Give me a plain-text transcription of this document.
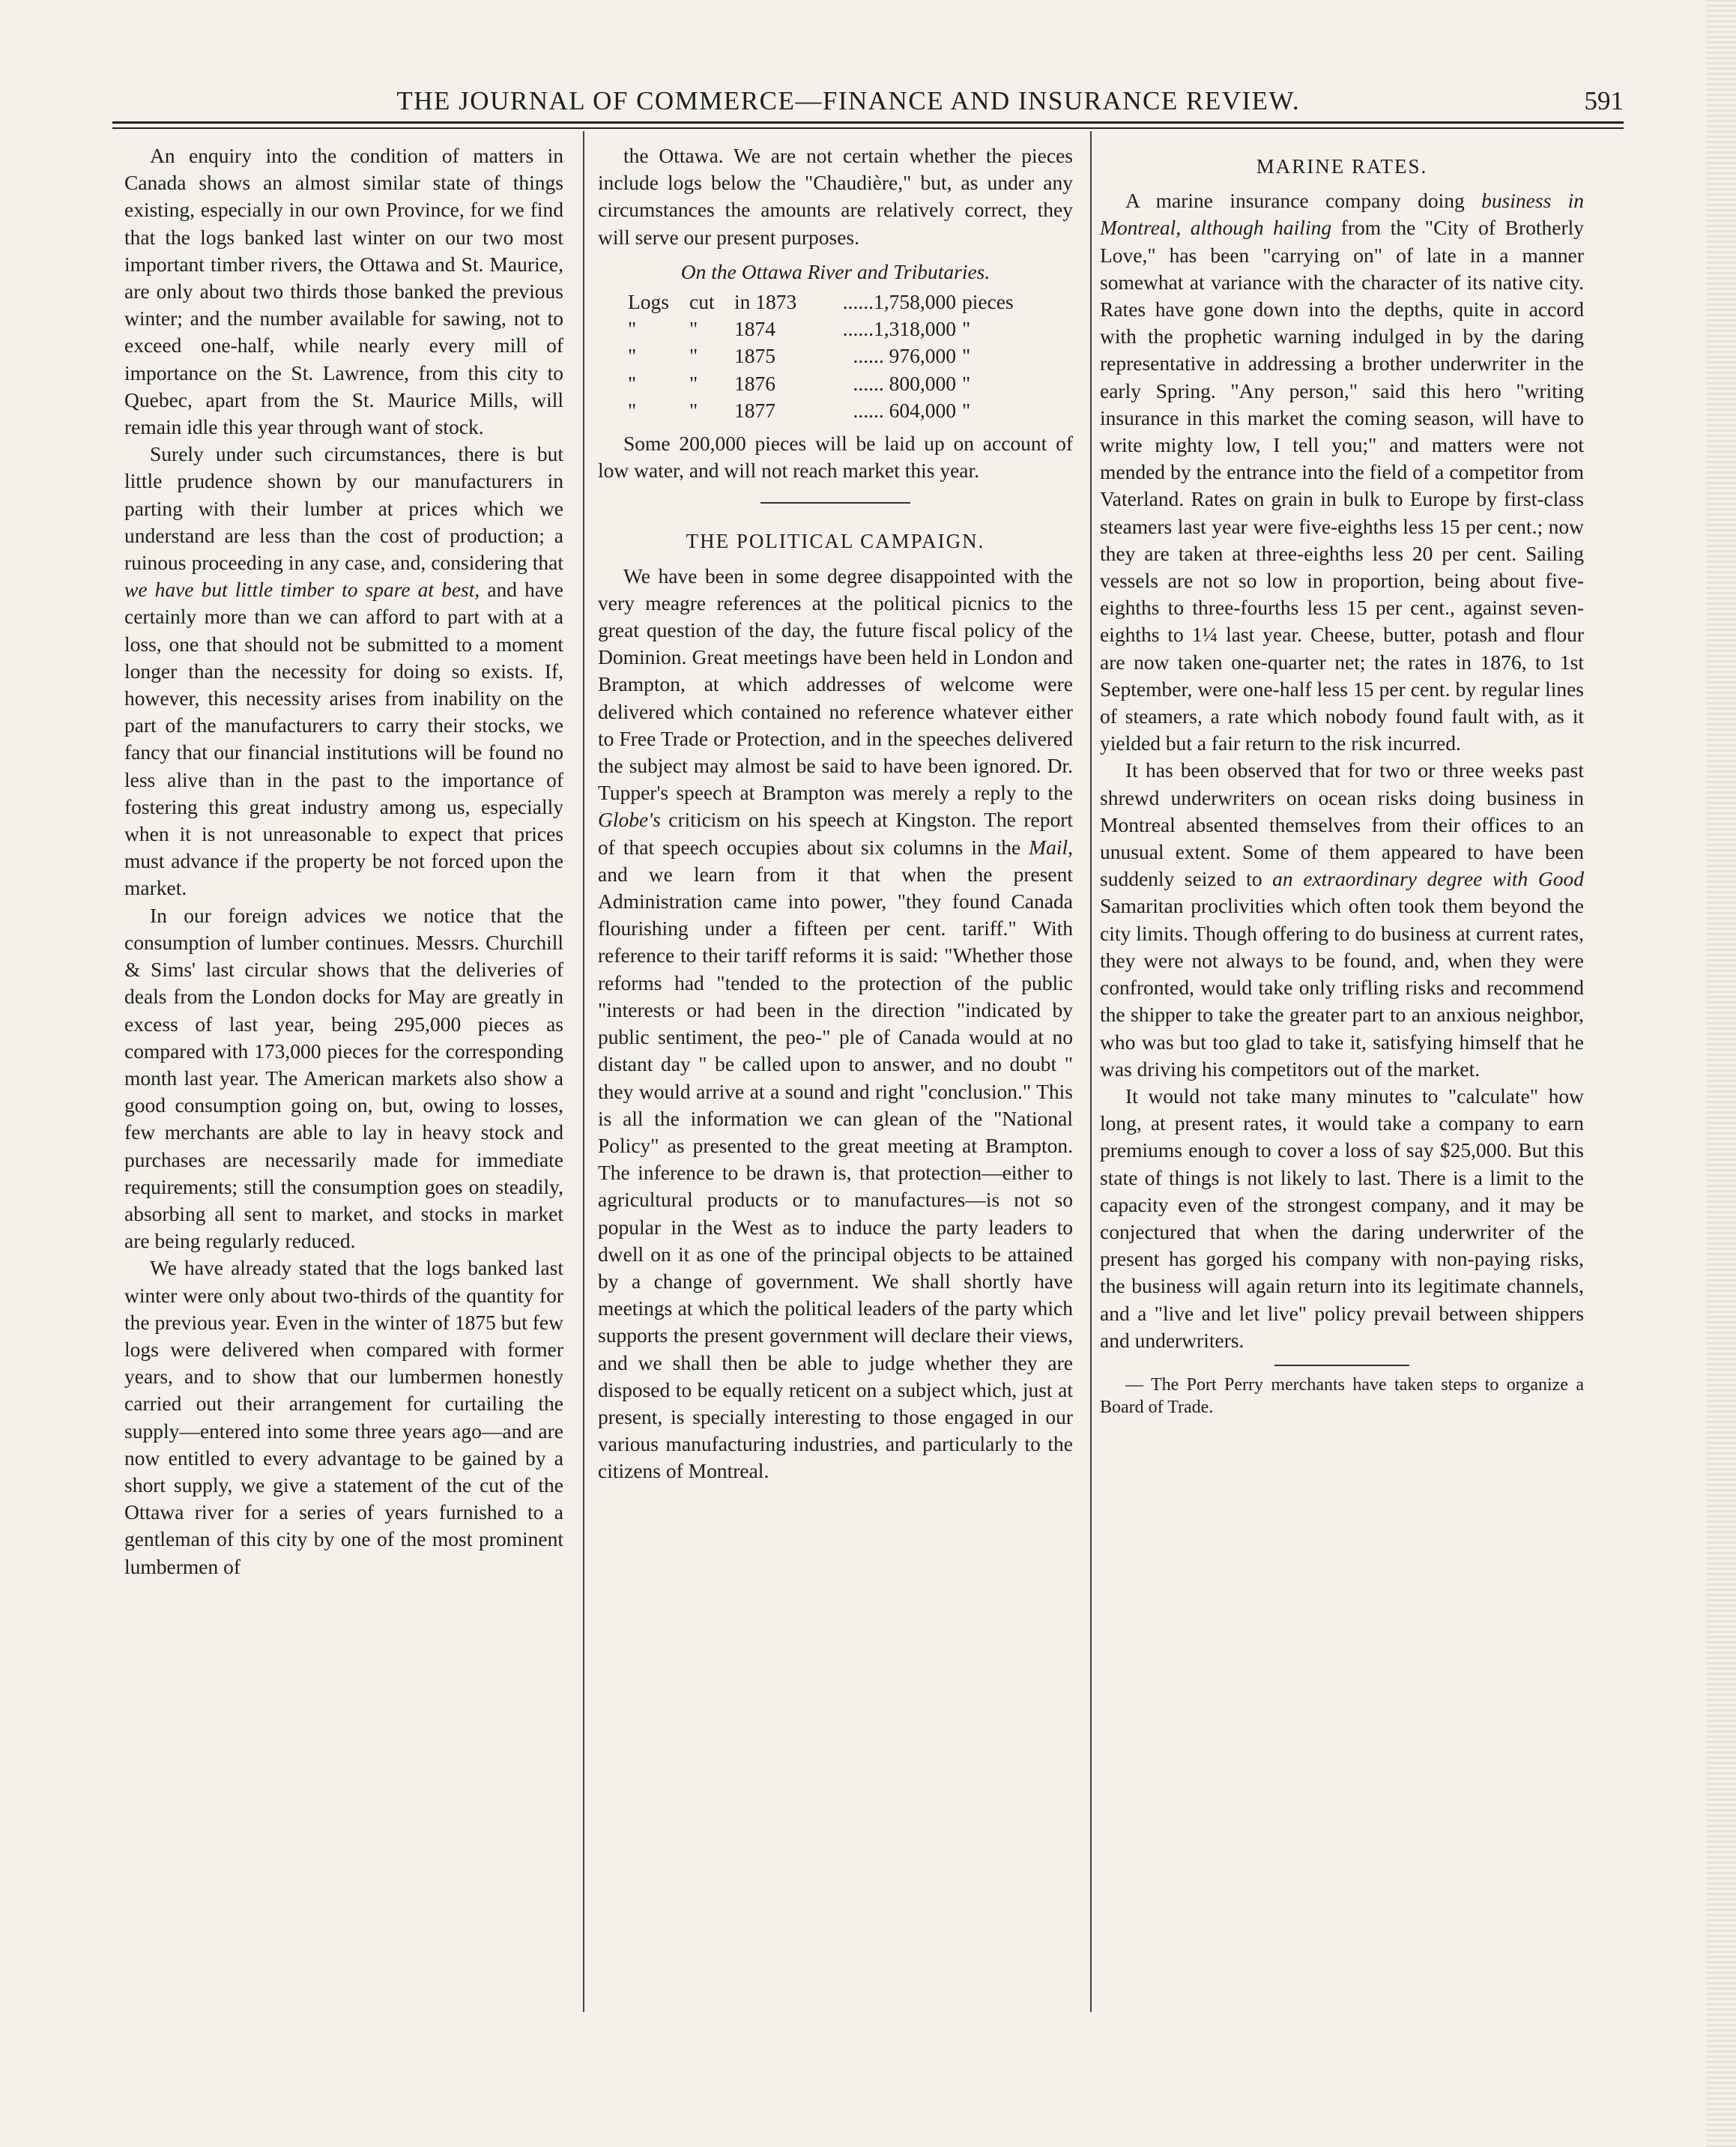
THE JOURNAL OF COMMERCE—FINANCE AND INSURANCE REVIEW.	591

An enquiry into the condition of matters in Canada shows an almost similar state of things existing, especially in our own Province, for we find that the logs banked last winter on our two most important timber rivers, the Ottawa and St. Maurice, are only about two thirds those banked the previous winter; and the number available for sawing, not to exceed one-half, while nearly every mill of importance on the St. Lawrence, from this city to Quebec, apart from the St. Maurice Mills, will remain idle this year through want of stock.

Surely under such circumstances, there is but little prudence shown by our manufacturers in parting with their lumber at prices which we understand are less than the cost of production; a ruinous proceeding in any case, and, considering that we have but little timber to spare at best, and have certainly more than we can afford to part with at a loss, one that should not be submitted to a moment longer than the necessity for doing so exists. If, however, this necessity arises from inability on the part of the manufacturers to carry their stocks, we fancy that our financial institutions will be found no less alive than in the past to the importance of fostering this great industry among us, especially when it is not unreasonable to expect that prices must advance if the property be not forced upon the market.

In our foreign advices we notice that the consumption of lumber continues. Messrs. Churchill & Sims' last circular shows that the deliveries of deals from the London docks for May are greatly in excess of last year, being 295,000 pieces as compared with 173,000 pieces for the corresponding month last year. The American markets also show a good consumption going on, but, owing to losses, few merchants are able to lay in heavy stock and purchases are necessarily made for immediate requirements; still the consumption goes on steadily, absorbing all sent to market, and stocks in market are being regularly reduced.

We have already stated that the logs banked last winter were only about two-thirds of the quantity for the previous year. Even in the winter of 1875 but few logs were delivered when compared with former years, and to show that our lumbermen honestly carried out their arrangement for curtailing the supply—entered into some three years ago—and are now entitled to every advantage to be gained by a short supply, we give a statement of the cut of the Ottawa river for a series of years furnished to a gentleman of this city by one of the most prominent lumbermen of

the Ottawa. We are not certain whether the pieces include logs below the "Chaudière," but, as under any circumstances the amounts are relatively correct, they will serve our present purposes.

On the Ottawa River and Tributaries.
Logs cut in 1873	......1,758,000 pieces
"	"	1874	......1,318,000 "
"	"	1875	...... 976,000 "
"	"	1876	...... 800,000 "
"	"	1877	...... 604,000 "

Some 200,000 pieces will be laid up on account of low water, and will not reach market this year.

THE POLITICAL CAMPAIGN.

We have been in some degree disappointed with the very meagre references at the political picnics to the great question of the day, the future fiscal policy of the Dominion. Great meetings have been held in London and Brampton, at which addresses of welcome were delivered which contained no reference whatever either to Free Trade or Protection, and in the speeches delivered the subject may almost be said to have been ignored. Dr. Tupper's speech at Brampton was merely a reply to the Globe's criticism on his speech at Kingston. The report of that speech occupies about six columns in the Mail, and we learn from it that when the present Administration came into power, "they found Canada flourishing under a fifteen per cent. tariff." With reference to their tariff reforms it is said: "Whether those reforms had "tended to the protection of the public "interests or had been in the direction "indicated by public sentiment, the peo-" ple of Canada would at no distant day " be called upon to answer, and no doubt " they would arrive at a sound and right "conclusion." This is all the information we can glean of the "National Policy" as presented to the great meeting at Brampton. The inference to be drawn is, that protection—either to agricultural products or to manufactures—is not so popular in the West as to induce the party leaders to dwell on it as one of the principal objects to be attained by a change of government. We shall shortly have meetings at which the political leaders of the party which supports the present government will declare their views, and we shall then be able to judge whether they are disposed to be equally reticent on a subject which, just at present, is specially interesting to those engaged in our various manufacturing industries, and particularly to the citizens of Montreal.

MARINE RATES.

A marine insurance company doing business in Montreal, although hailing from the "City of Brotherly Love," has been "carrying on" of late in a manner somewhat at variance with the character of its native city. Rates have gone down into the depths, quite in accord with the prophetic warning indulged in by the daring representative in addressing a brother underwriter in the early Spring. "Any person," said this hero "writing insurance in this market the coming season, will have to write mighty low, I tell you;" and matters were not mended by the entrance into the field of a competitor from Vaterland. Rates on grain in bulk to Europe by first-class steamers last year were five-eighths less 15 per cent.; now they are taken at three-eighths less 20 per cent. Sailing vessels are not so low in proportion, being about five-eighths to three-fourths less 15 per cent., against seven-eighths to 1¼ last year. Cheese, butter, potash and flour are now taken one-quarter net; the rates in 1876, to 1st September, were one-half less 15 per cent. by regular lines of steamers, a rate which nobody found fault with, as it yielded but a fair return to the risk incurred.

It has been observed that for two or three weeks past shrewd underwriters on ocean risks doing business in Montreal absented themselves from their offices to an unusual extent. Some of them appeared to have been suddenly seized to an extraordinary degree with Good Samaritan proclivities which often took them beyond the city limits. Though offering to do business at current rates, they were not always to be found, and, when they were confronted, would take only trifling risks and recommend the shipper to take the greater part to an anxious neighbor, who was but too glad to take it, satisfying himself that he was driving his competitors out of the market.

It would not take many minutes to "calculate" how long, at present rates, it would take a company to earn premiums enough to cover a loss of say $25,000. But this state of things is not likely to last. There is a limit to the capacity even of the strongest company, and it may be conjectured that when the daring underwriter of the present has gorged his company with non-paying risks, the business will again return into its legitimate channels, and a "live and let live" policy prevail between shippers and underwriters.

— The Port Perry merchants have taken steps to organize a Board of Trade.
